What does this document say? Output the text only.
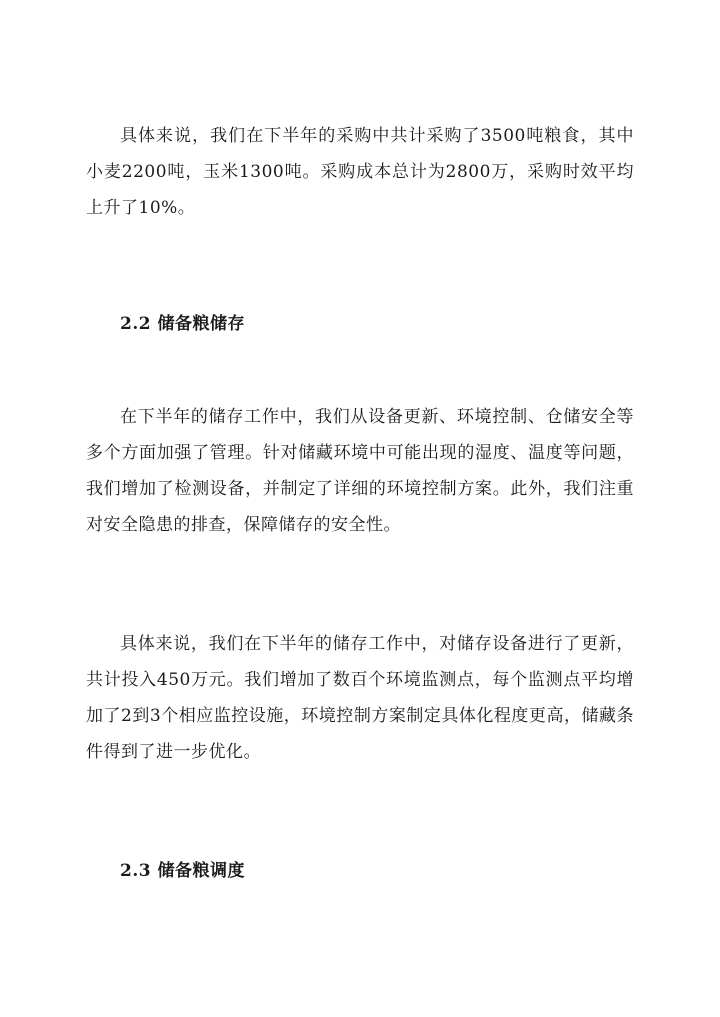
具体来说，我们在下半年的采购中共计采购了3500吨粮食，其中小麦2200吨，玉米1300吨。采购成本总计为2800万，采购时效平均上升了10%。

2.2 储备粮储存

在下半年的储存工作中，我们从设备更新、环境控制、仓储安全等多个方面加强了管理。针对储藏环境中可能出现的湿度、温度等问题，我们增加了检测设备，并制定了详细的环境控制方案。此外，我们注重对安全隐患的排查，保障储存的安全性。

具体来说，我们在下半年的储存工作中，对储存设备进行了更新，共计投入450万元。我们增加了数百个环境监测点，每个监测点平均增加了2到3个相应监控设施，环境控制方案制定具体化程度更高，储藏条件得到了进一步优化。

2.3 储备粮调度
